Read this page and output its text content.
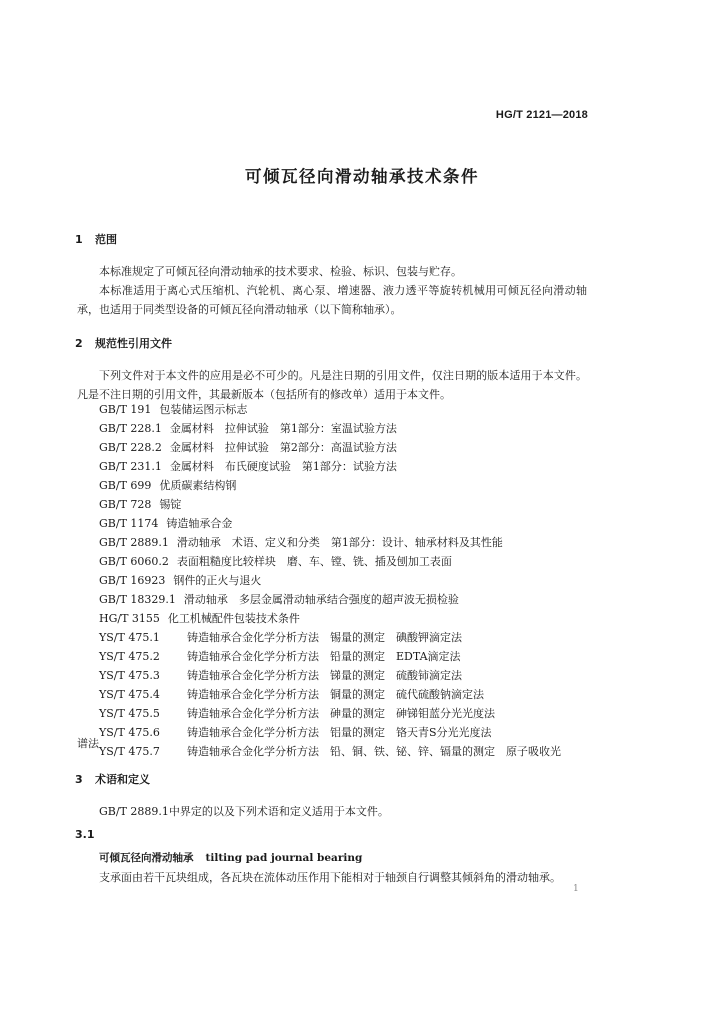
HG/T 2121—2018
可倾瓦径向滑动轴承技术条件
1 范围
本标准规定了可倾瓦径向滑动轴承的技术要求、检验、标识、包装与贮存。
本标准适用于离心式压缩机、汽轮机、离心泵、增速器、液力透平等旋转机械用可倾瓦径向滑动轴承，也适用于同类型设备的可倾瓦径向滑动轴承（以下简称轴承）。
2 规范性引用文件
下列文件对于本文件的应用是必不可少的。凡是注日期的引用文件，仅注日期的版本适用于本文件。凡是不注日期的引用文件，其最新版本（包括所有的修改单）适用于本文件。
GB/T 191 包装储运图示标志
GB/T 228.1 金属材料　拉伸试验　第1部分：室温试验方法
GB/T 228.2 金属材料　拉伸试验　第2部分：高温试验方法
GB/T 231.1 金属材料　布氏硬度试验　第1部分：试验方法
GB/T 699 优质碳素结构钢
GB/T 728 锡锭
GB/T 1174 铸造轴承合金
GB/T 2889.1 滑动轴承　术语、定义和分类　第1部分：设计、轴承材料及其性能
GB/T 6060.2 表面粗糙度比较样块　磨、车、镗、铣、插及刨加工表面
GB/T 16923 钢件的正火与退火
GB/T 18329.1 滑动轴承　多层金属滑动轴承结合强度的超声波无损检验
HG/T 3155 化工机械配件包装技术条件
YS/T 475.1 铸造轴承合金化学分析方法　锡量的测定　碘酸钾滴定法
YS/T 475.2 铸造轴承合金化学分析方法　铅量的测定　EDTA滴定法
YS/T 475.3 铸造轴承合金化学分析方法　锑量的测定　硫酸铈滴定法
YS/T 475.4 铸造轴承合金化学分析方法　铜量的测定　硫代硫酸钠滴定法
YS/T 475.5 铸造轴承合金化学分析方法　砷量的测定　砷锑钼蓝分光光度法
YS/T 475.6 铸造轴承合金化学分析方法　铝量的测定　铬天青S分光光度法
YS/T 475.7 铸造轴承合金化学分析方法　铅、铜、铁、铋、锌、镉量的测定　原子吸收光
谱法
3 术语和定义
GB/T 2889.1中界定的以及下列术语和定义适用于本文件。
3.1
可倾瓦径向滑动轴承 tilting pad journal bearing
支承面由若干瓦块组成，各瓦块在流体动压作用下能相对于轴颈自行调整其倾斜角的滑动轴承。
1
